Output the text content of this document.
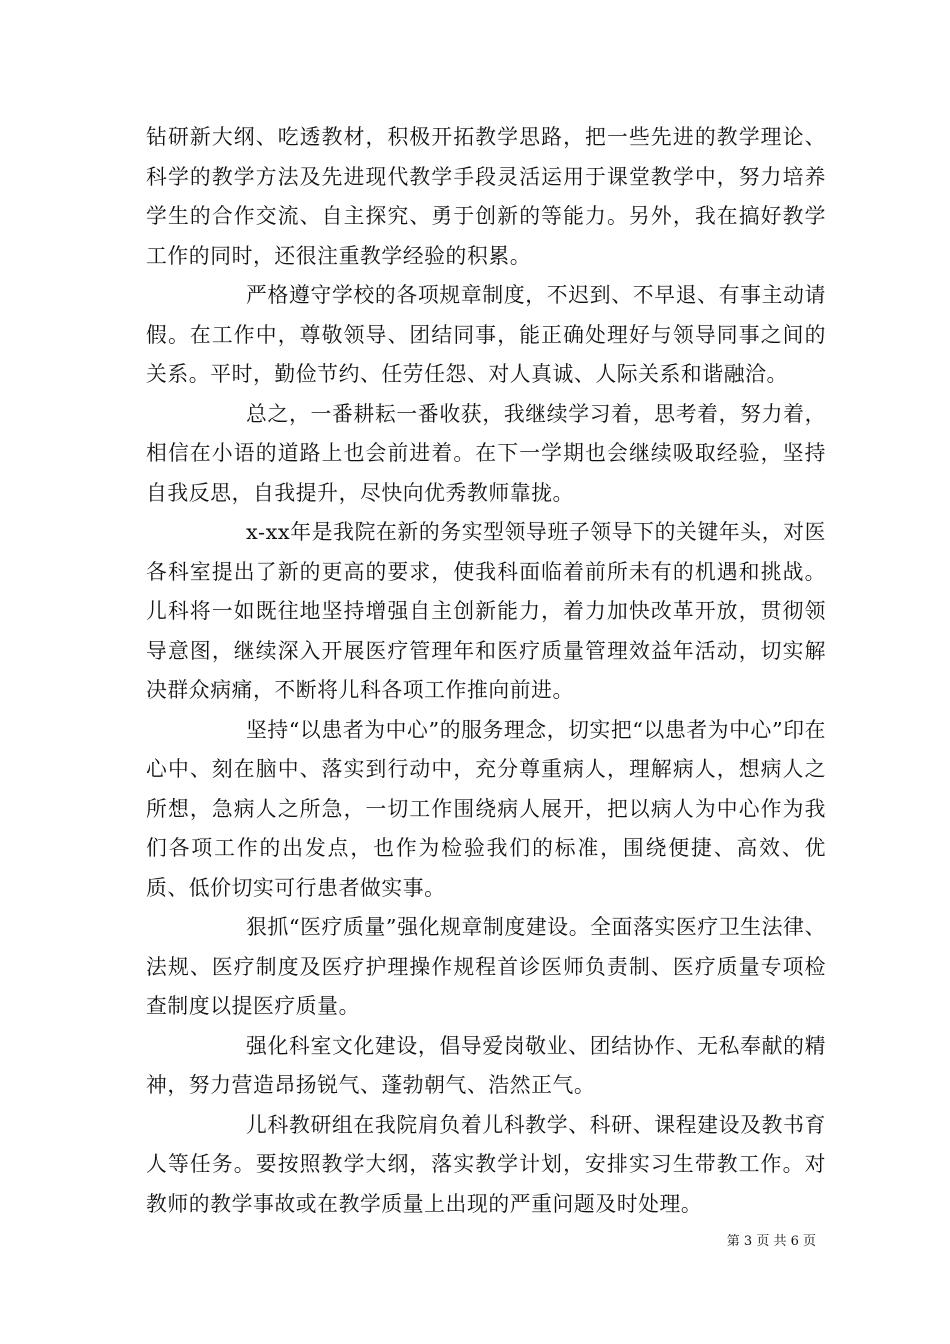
钻研新大纲、吃透教材，积极开拓教学思路，把一些先进的教学理论、科学的教学方法及先进现代教学手段灵活运用于课堂教学中，努力培养学生的合作交流、自主探究、勇于创新的等能力。另外，我在搞好教学工作的同时，还很注重教学经验的积累。

严格遵守学校的各项规章制度，不迟到、不早退、有事主动请假。在工作中，尊敬领导、团结同事，能正确处理好与领导同事之间的关系。平时，勤俭节约、任劳任怨、对人真诚、人际关系和谐融洽。

总之，一番耕耘一番收获，我继续学习着，思考着，努力着，相信在小语的道路上也会前进着。在下一学期也会继续吸取经验，坚持自我反思，自我提升，尽快向优秀教师靠拢。

x-xx年是我院在新的务实型领导班子领导下的关键年头，对医各科室提出了新的更高的要求，使我科面临着前所未有的机遇和挑战。儿科将一如既往地坚持增强自主创新能力，着力加快改革开放，贯彻领导意图，继续深入开展医疗管理年和医疗质量管理效益年活动，切实解决群众病痛，不断将儿科各项工作推向前进。

坚持“以患者为中心”的服务理念，切实把“以患者为中心”印在心中、刻在脑中、落实到行动中，充分尊重病人，理解病人，想病人之所想，急病人之所急，一切工作围绕病人展开，把以病人为中心作为我们各项工作的出发点，也作为检验我们的标准，围绕便捷、高效、优质、低价切实可行患者做实事。

狠抓“医疗质量”强化规章制度建设。全面落实医疗卫生法律、法规、医疗制度及医疗护理操作规程首诊医师负责制、医疗质量专项检查制度以提医疗质量。

强化科室文化建设，倡导爱岗敬业、团结协作、无私奉献的精神，努力营造昂扬锐气、蓬勃朝气、浩然正气。

儿科教研组在我院肩负着儿科教学、科研、课程建设及教书育人等任务。要按照教学大纲，落实教学计划，安排实习生带教工作。对教师的教学事故或在教学质量上出现的严重问题及时处理。

第 3 页 共 6 页
